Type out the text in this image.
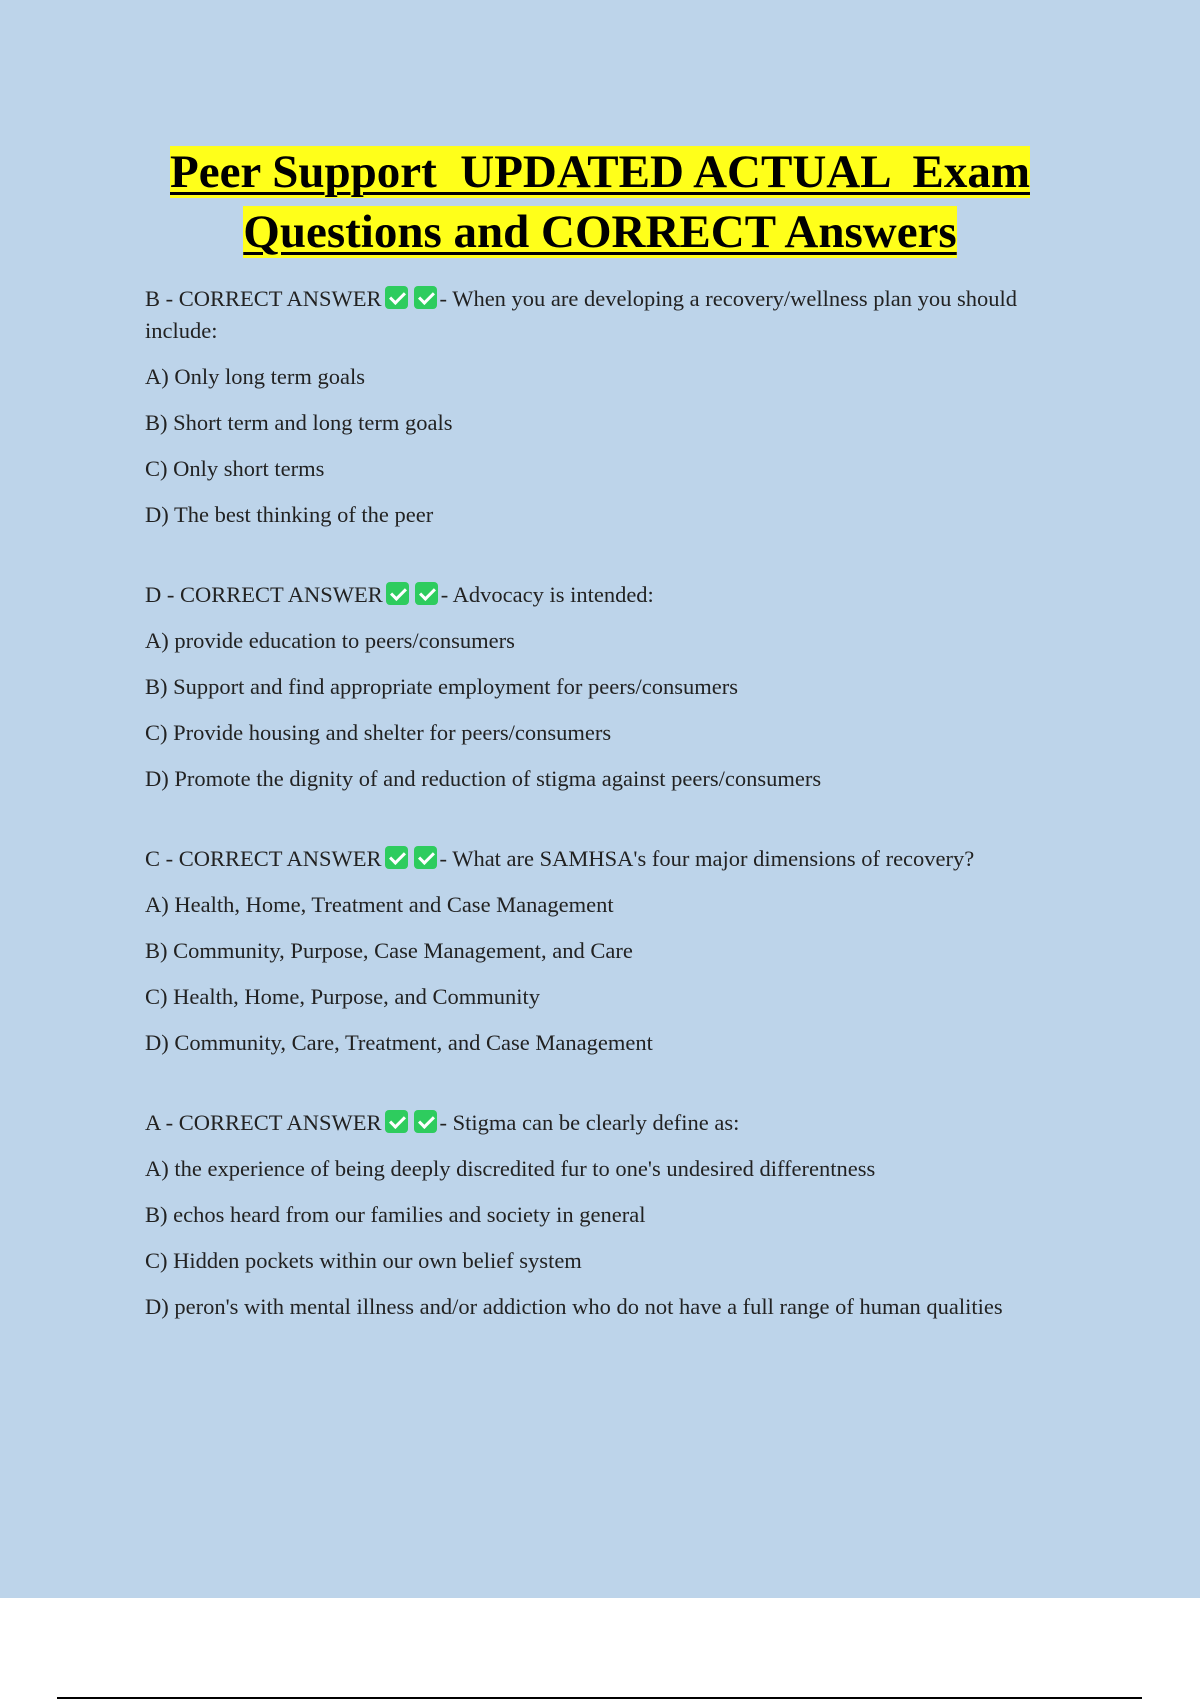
Peer Support  UPDATED ACTUAL  Exam
Questions and CORRECT Answers
B - CORRECT ANSWER	- When you are developing a recovery/wellness plan you should include:
A) Only long term goals
B) Short term and long term goals
C) Only short terms
D) The best thinking of the peer
D - CORRECT ANSWER	- Advocacy is intended:
A) provide education to peers/consumers
B) Support and find appropriate employment for peers/consumers
C) Provide housing and shelter for peers/consumers
D) Promote the dignity of and reduction of stigma against peers/consumers
C - CORRECT ANSWER	- What are SAMHSA's four major dimensions of recovery?
A) Health, Home, Treatment and Case Management
B) Community, Purpose, Case Management, and Care
C) Health, Home, Purpose, and Community
D) Community, Care, Treatment, and Case Management
A - CORRECT ANSWER	- Stigma can be clearly define as:
A) the experience of being deeply discredited fur to one's undesired differentness
B) echos heard from our families and society in general
C) Hidden pockets within our own belief system
D) peron's with mental illness and/or addiction who do not have a full range of human qualities
